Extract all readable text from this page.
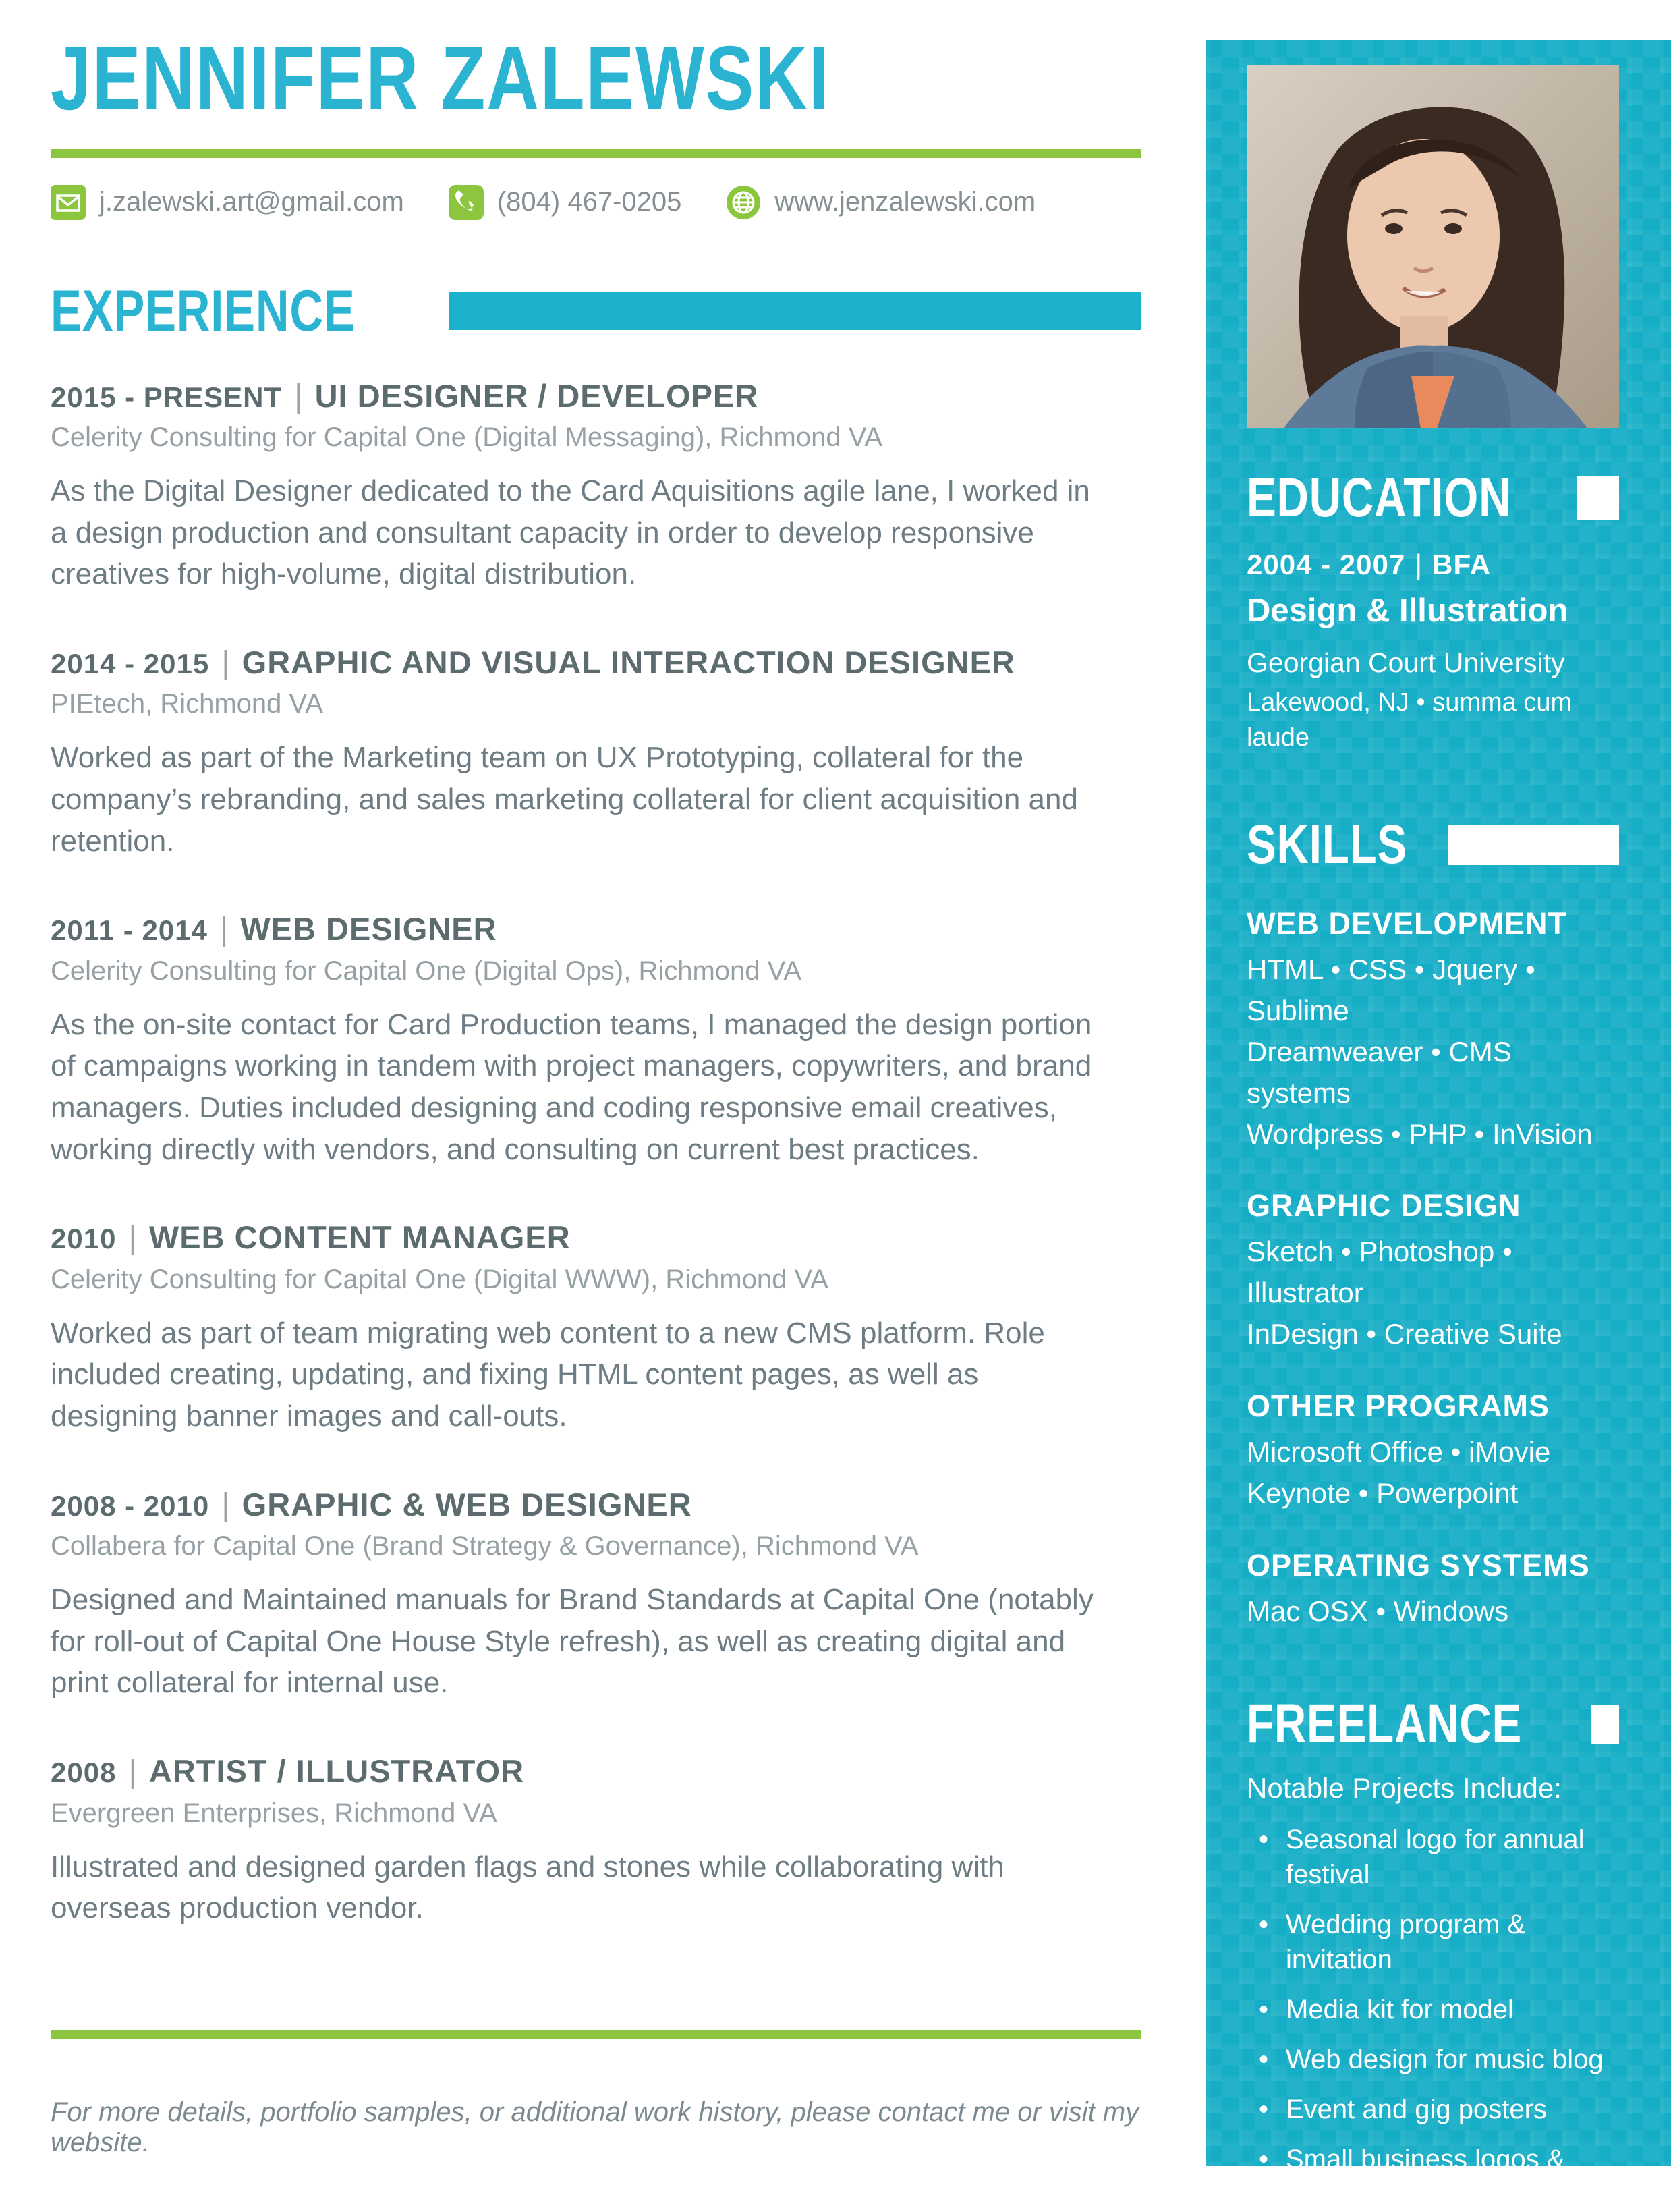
JENNIFER ZALEWSKI
j.zalewski.art@gmail.com	(804) 467-0205	www.jenzalewski.com
EXPERIENCE
2015 - PRESENT | UI DESIGNER / DEVELOPER
Celerity Consulting for Capital One (Digital Messaging), Richmond VA

As the Digital Designer dedicated to the Card Aquisitions agile lane, I worked in a design production and consultant capacity in order to develop responsive creatives for high-volume, digital distribution.

2014 - 2015 | GRAPHIC AND VISUAL INTERACTION DESIGNER
PIEtech, Richmond VA

Worked as part of the Marketing team on UX Prototyping, collateral for the company’s rebranding, and sales marketing collateral for client acquisition and retention.

2011 - 2014 | WEB DESIGNER
Celerity Consulting for Capital One (Digital Ops), Richmond VA

As the on-site contact for Card Production teams, I managed the design portion of campaigns working in tandem with project managers, copywriters, and brand managers. Duties included designing and coding responsive email creatives, working directly with vendors, and consulting on current best practices.

2010 | WEB CONTENT MANAGER
Celerity Consulting for Capital One (Digital WWW), Richmond VA

Worked as part of team migrating web content to a new CMS platform. Role included creating, updating, and fixing HTML content pages, as well as designing banner images and call-outs.

2008 - 2010 | GRAPHIC & WEB DESIGNER
Collabera for Capital One (Brand Strategy & Governance), Richmond VA

Designed and Maintained manuals for Brand Standards at Capital One (notably for roll-out of Capital One House Style refresh), as well as creating digital and print collateral for internal use.

2008 | ARTIST / ILLUSTRATOR
Evergreen Enterprises, Richmond VA

Illustrated and designed garden flags and stones while collaborating with overseas production vendor.

For more details, portfolio samples, or additional work history, please contact me or visit my website.

EDUCATION
2004 - 2007 | BFA
Design & Illustration
Georgian Court University
Lakewood, NJ • summa cum laude
SKILLS
WEB DEVELOPMENT
HTML • CSS • Jquery • Sublime
Dreamweaver • CMS systems
Wordpress • PHP • InVision
GRAPHIC DESIGN
Sketch • Photoshop • Illustrator
InDesign • Creative Suite
OTHER PROGRAMS
Microsoft Office • iMovie
Keynote • Powerpoint
OPERATING SYSTEMS
Mac OSX • Windows
FREELANCE
Notable Projects Include:
• Seasonal logo for annual festival
• Wedding program & invitation
• Media kit for model
• Web design for music blog
• Event and gig posters
• Small business logos & business cards
